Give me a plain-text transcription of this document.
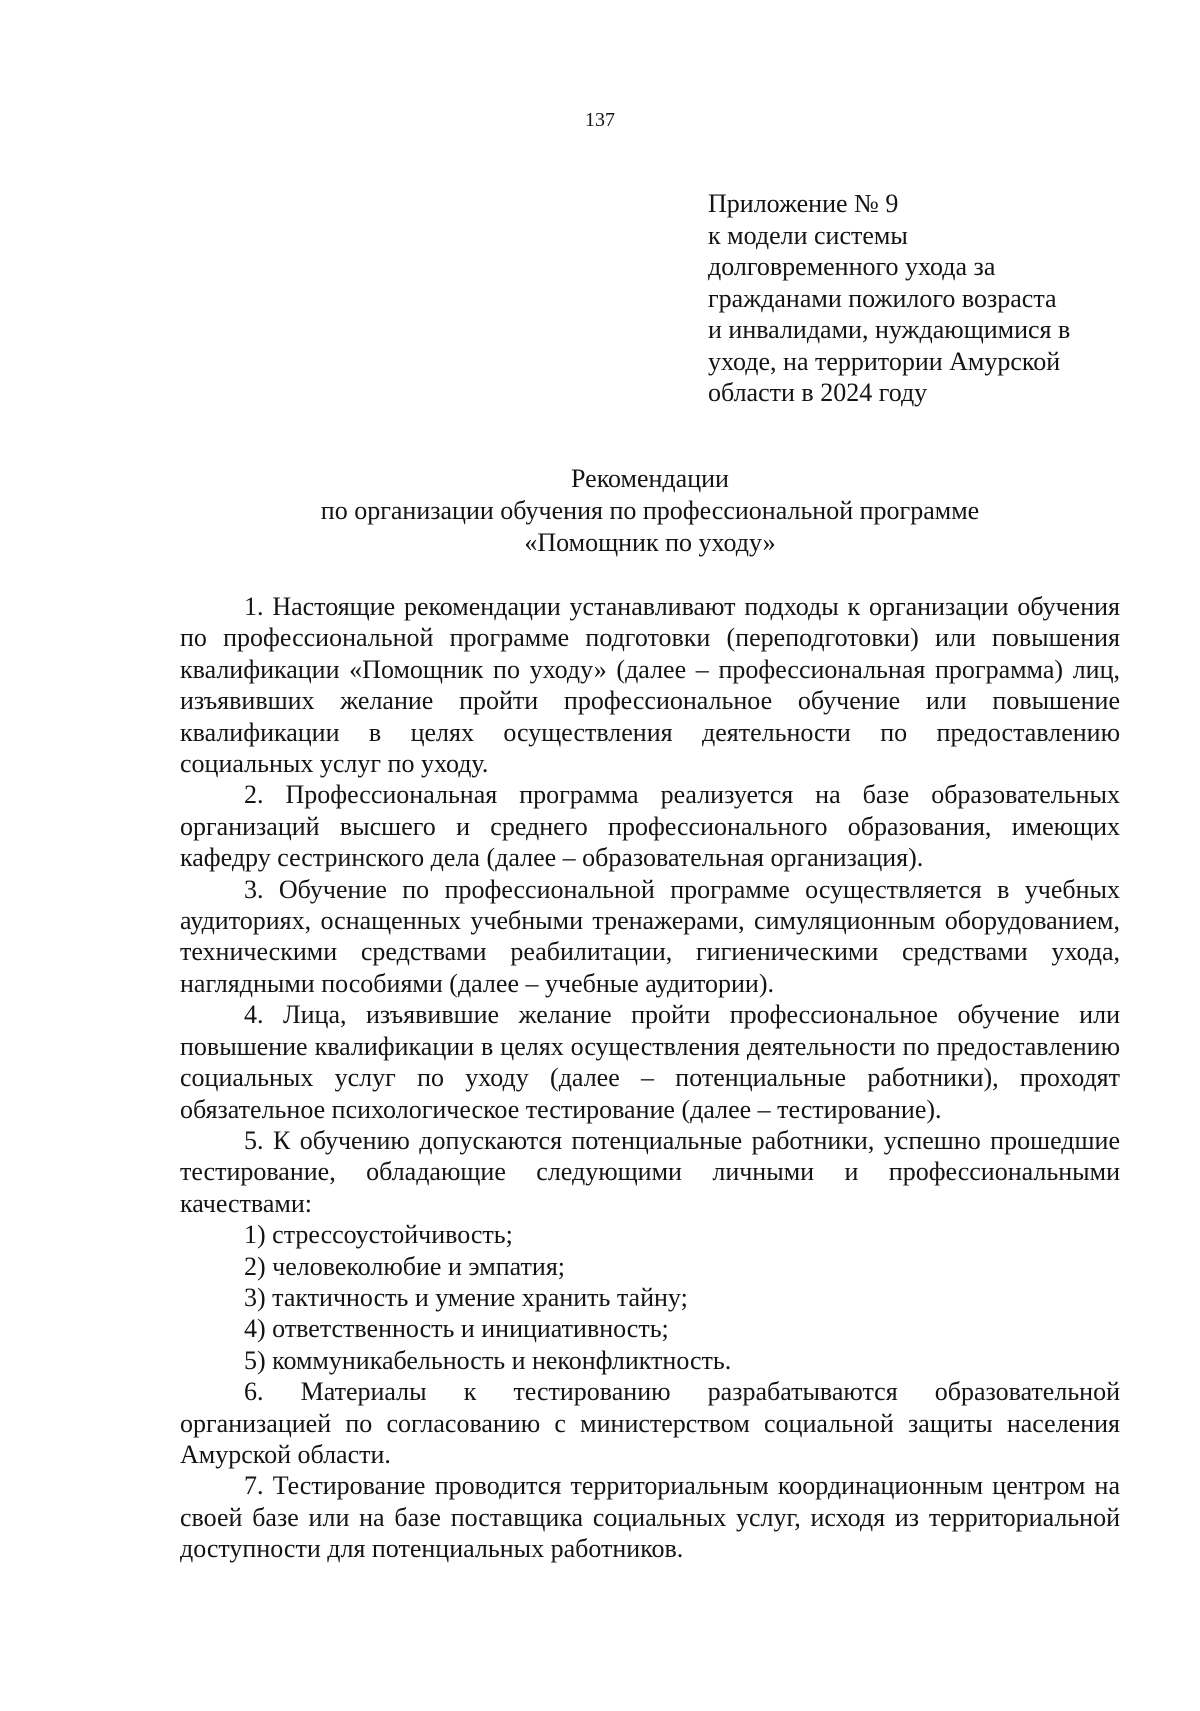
137
Приложение № 9
к модели системы
долговременного ухода за
гражданами пожилого возраста
и инвалидами, нуждающимися в
уходе, на территории Амурской
области в 2024 году
Рекомендации
по организации обучения по профессиональной программе
«Помощник по уходу»

1. Настоящие рекомендации устанавливают подходы к организации обучения по профессиональной программе подготовки (переподготовки) или повышения квалификации «Помощник по уходу» (далее – профессиональная программа) лиц, изъявивших желание пройти профессиональное обучение или повышение квалификации в целях осуществления деятельности по предоставлению социальных услуг по уходу.

2. Профессиональная программа реализуется на базе образовательных организаций высшего и среднего профессионального образования, имеющих кафедру сестринского дела (далее – образовательная организация).

3. Обучение по профессиональной программе осуществляется в учебных аудиториях, оснащенных учебными тренажерами, симуляционным оборудованием, техническими средствами реабилитации, гигиеническими средствами ухода, наглядными пособиями (далее – учебные аудитории).

4. Лица, изъявившие желание пройти профессиональное обучение или повышение квалификации в целях осуществления деятельности по предоставлению социальных услуг по уходу (далее – потенциальные работники), проходят обязательное психологическое тестирование (далее – тестирование).

5. К обучению допускаются потенциальные работники, успешно прошедшие тестирование, обладающие следующими личными и профессиональными качествами:

1) стрессоустойчивость;

2) человеколюбие и эмпатия;

3) тактичность и умение хранить тайну;

4) ответственность и инициативность;

5) коммуникабельность и неконфликтность.

6. Материалы к тестированию разрабатываются образовательной организацией по согласованию с министерством социальной защиты населения Амурской области.

7. Тестирование проводится территориальным координационным центром на своей базе или на базе поставщика социальных услуг, исходя из территориальной доступности для потенциальных работников.
